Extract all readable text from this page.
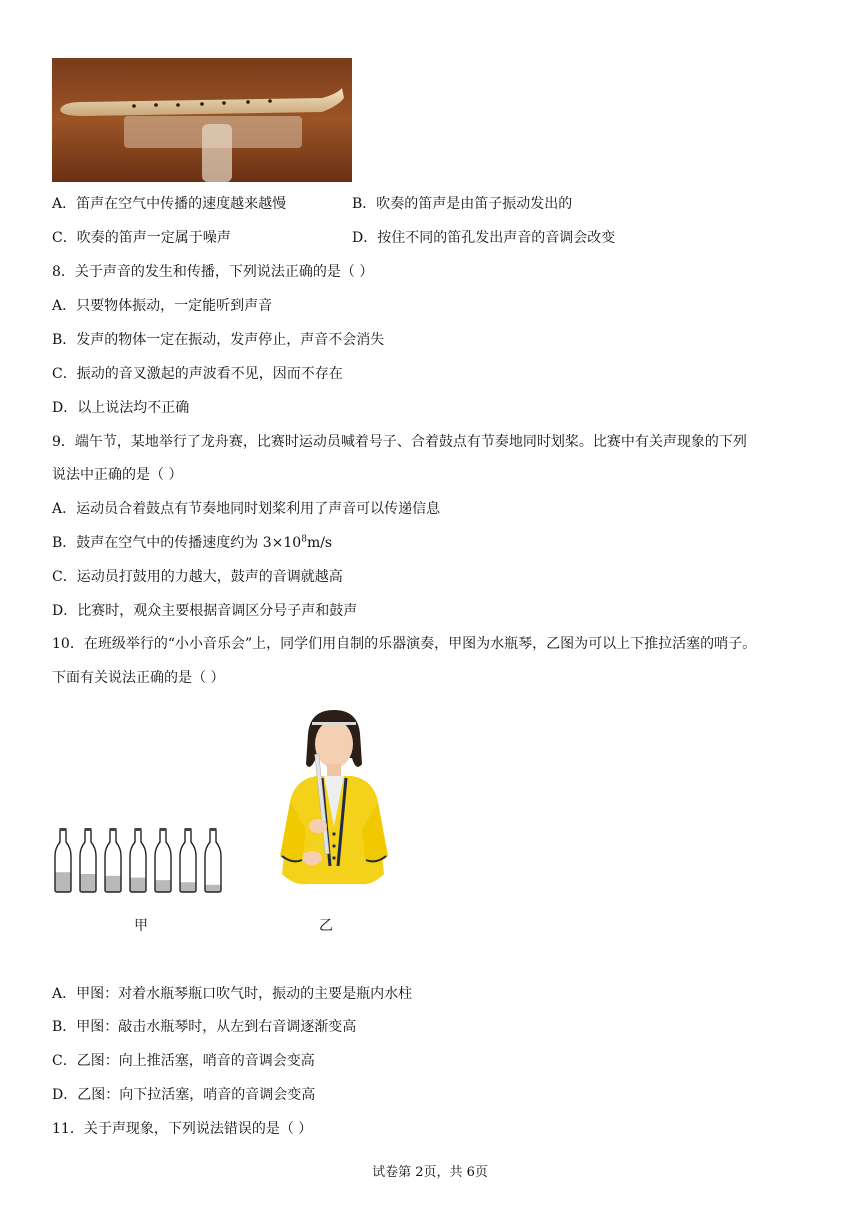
A．笛声在空气中传播的速度越来越慢	B．吹奏的笛声是由笛子振动发出的
C．吹奏的笛声一定属于噪声	D．按住不同的笛孔发出声音的音调会改变
8．关于声音的发生和传播，下列说法正确的是（ ）
A．只要物体振动，一定能听到声音
B．发声的物体一定在振动，发声停止，声音不会消失
C．振动的音叉激起的声波看不见，因而不存在
D．以上说法均不正确
9．端午节，某地举行了龙舟赛，比赛时运动员喊着号子、合着鼓点有节奏地同时划桨。比赛中有关声现象的下列
说法中正确的是（ ）
A．运动员合着鼓点有节奏地同时划桨利用了声音可以传递信息
B．鼓声在空气中的传播速度约为 $3\times 10^8m/s$
C．运动员打鼓用的力越大，鼓声的音调就越高
D．比赛时，观众主要根据音调区分号子声和鼓声
10．在班级举行的“小小音乐会”上，同学们用自制的乐器演奏，甲图为水瓶琴，乙图为可以上下推拉活塞的哨子。
下面有关说法正确的是（ ）
甲	乙
A．甲图：对着水瓶琴瓶口吹气时，振动的主要是瓶内水柱
B．甲图：敲击水瓶琴时，从左到右音调逐渐变高
C．乙图：向上推活塞，哨音的音调会变高
D．乙图：向下拉活塞，哨音的音调会变高
11．关于声现象，下列说法错误的是（ ）
试卷第 2页，共 6页
